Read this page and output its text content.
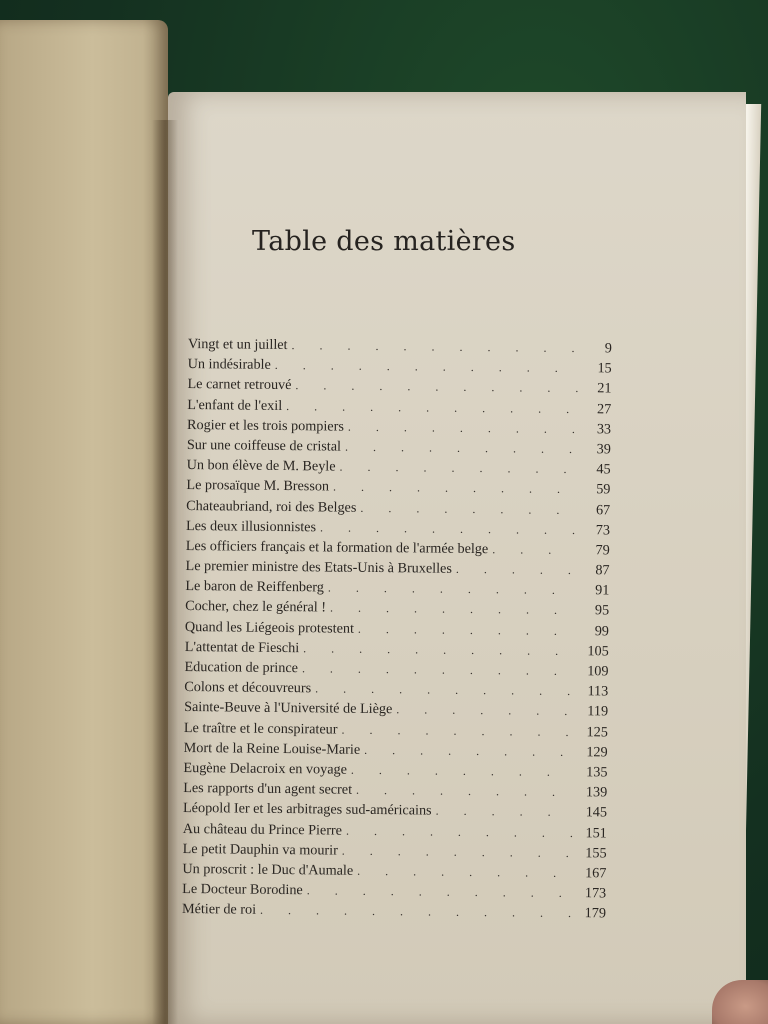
Table des matières
Vingt et un juillet . . .	9
Un indésirable . . .	15
Le carnet retrouvé . . .	21
L'enfant de l'exil . . .	27
Rogier et les trois pompiers . . .	33
Sur une coiffeuse de cristal . . .	39
Un bon élève de M. Beyle . . .	45
Le prosaïque M. Bresson . . .	59
Chateaubriand, roi des Belges . . .	67
Les deux illusionnistes . . .	73
Les officiers français et la formation de l'armée belge . . .	79
Le premier ministre des Etats-Unis à Bruxelles . . .	87
Le baron de Reiffenberg . . .	91
Cocher, chez le général ! . . .	95
Quand les Liégeois protestent . . .	99
L'attentat de Fieschi . . .	105
Education de prince . . .	109
Colons et découvreurs . . .	113
Sainte-Beuve à l'Université de Liège . . .	119
Le traître et le conspirateur . . .	125
Mort de la Reine Louise-Marie . . .	129
Eugène Delacroix en voyage . . .	135
Les rapports d'un agent secret . . .	139
Léopold Ier et les arbitrages sud-américains . . .	145
Au château du Prince Pierre . . .	151
Le petit Dauphin va mourir . . .	155
Un proscrit : le Duc d'Aumale . . .	167
Le Docteur Borodine . . .	173
Métier de roi . . .	179
